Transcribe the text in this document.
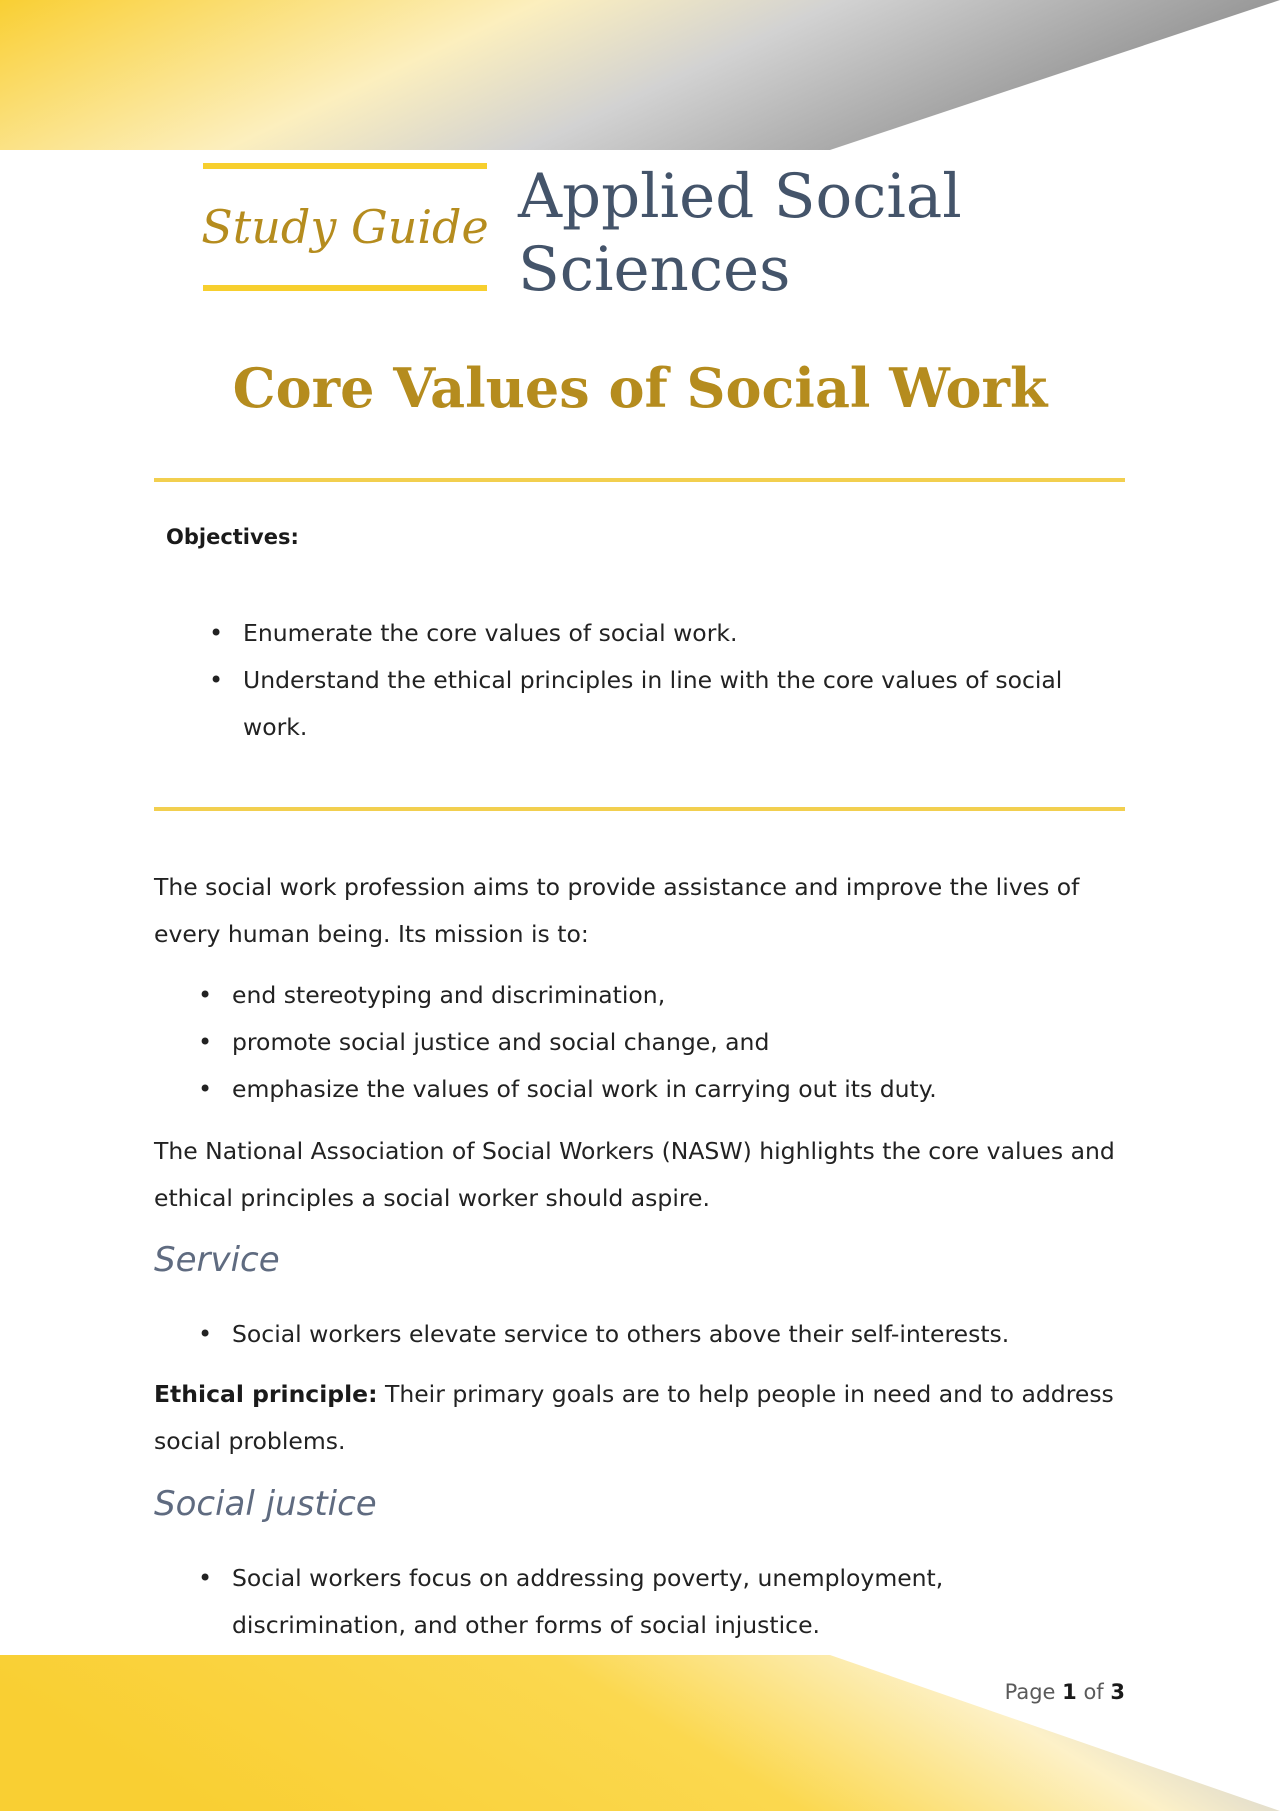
Study Guide Applied Social Sciences
Core Values of Social Work
Objectives:
• Enumerate the core values of social work.
• Understand the ethical principles in line with the core values of social work.

The social work profession aims to provide assistance and improve the lives of every human being. Its mission is to:

• end stereotyping and discrimination,
• promote social justice and social change, and
• emphasize the values of social work in carrying out its duty.

The National Association of Social Workers (NASW) highlights the core values and ethical principles a social worker should aspire.

Service
• Social workers elevate service to others above their self-interests.

Ethical principle: Their primary goals are to help people in need and to address social problems.

Social justice
• Social workers focus on addressing poverty, unemployment, discrimination, and other forms of social injustice.
Page 1 of 3
